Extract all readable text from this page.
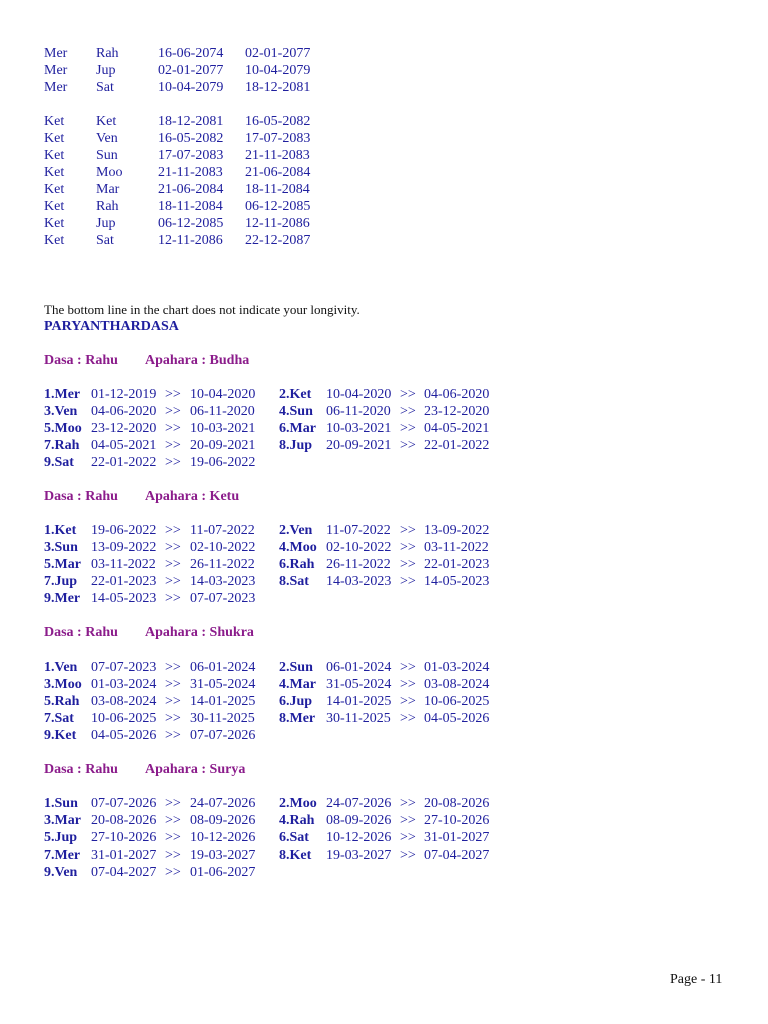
Mer Rah	16-06-2074 02-01-2077
Mer Jup	02-01-2077 10-04-2079
Mer Sat	10-04-2079 18-12-2081
Ket Ket	18-12-2081 16-05-2082
Ket Ven	16-05-2082 17-07-2083
Ket Sun	17-07-2083 21-11-2083
Ket Moo	21-11-2083 21-06-2084
Ket Mar	21-06-2084 18-11-2084
Ket Rah	18-11-2084 06-12-2085
Ket Jup	06-12-2085 12-11-2086
Ket Sat	12-11-2086 22-12-2087
The bottom line in the chart does not indicate your longivity.
PARYANTHARDASA
Dasa : Rahu Apahara : Budha
1.Mer 01-12-2019 >> 10-04-2020 2.Ket 10-04-2020 >> 04-06-2020
3.Ven 04-06-2020 >> 06-11-2020 4.Sun 06-11-2020 >> 23-12-2020
5.Moo 23-12-2020 >> 10-03-2021 6.Mar 10-03-2021 >> 04-05-2021
7.Rah 04-05-2021 >> 20-09-2021 8.Jup 20-09-2021 >> 22-01-2022
9.Sat 22-01-2022 >> 19-06-2022
Dasa : Rahu Apahara : Ketu
1.Ket 19-06-2022 >> 11-07-2022 2.Ven 11-07-2022 >> 13-09-2022
3.Sun 13-09-2022 >> 02-10-2022 4.Moo 02-10-2022 >> 03-11-2022
5.Mar 03-11-2022 >> 26-11-2022 6.Rah 26-11-2022 >> 22-01-2023
7.Jup 22-01-2023 >> 14-03-2023 8.Sat 14-03-2023 >> 14-05-2023
9.Mer 14-05-2023 >> 07-07-2023
Dasa : Rahu Apahara : Shukra
1.Ven 07-07-2023 >> 06-01-2024 2.Sun 06-01-2024 >> 01-03-2024
3.Moo 01-03-2024 >> 31-05-2024 4.Mar 31-05-2024 >> 03-08-2024
5.Rah 03-08-2024 >> 14-01-2025 6.Jup 14-01-2025 >> 10-06-2025
7.Sat 10-06-2025 >> 30-11-2025 8.Mer 30-11-2025 >> 04-05-2026
9.Ket 04-05-2026 >> 07-07-2026
Dasa : Rahu Apahara : Surya
1.Sun 07-07-2026 >> 24-07-2026 2.Moo 24-07-2026 >> 20-08-2026
3.Mar 20-08-2026 >> 08-09-2026 4.Rah 08-09-2026 >> 27-10-2026
5.Jup 27-10-2026 >> 10-12-2026 6.Sat 10-12-2026 >> 31-01-2027
7.Mer 31-01-2027 >> 19-03-2027 8.Ket 19-03-2027 >> 07-04-2027
9.Ven 07-04-2027 >> 01-06-2027
Page - 11
